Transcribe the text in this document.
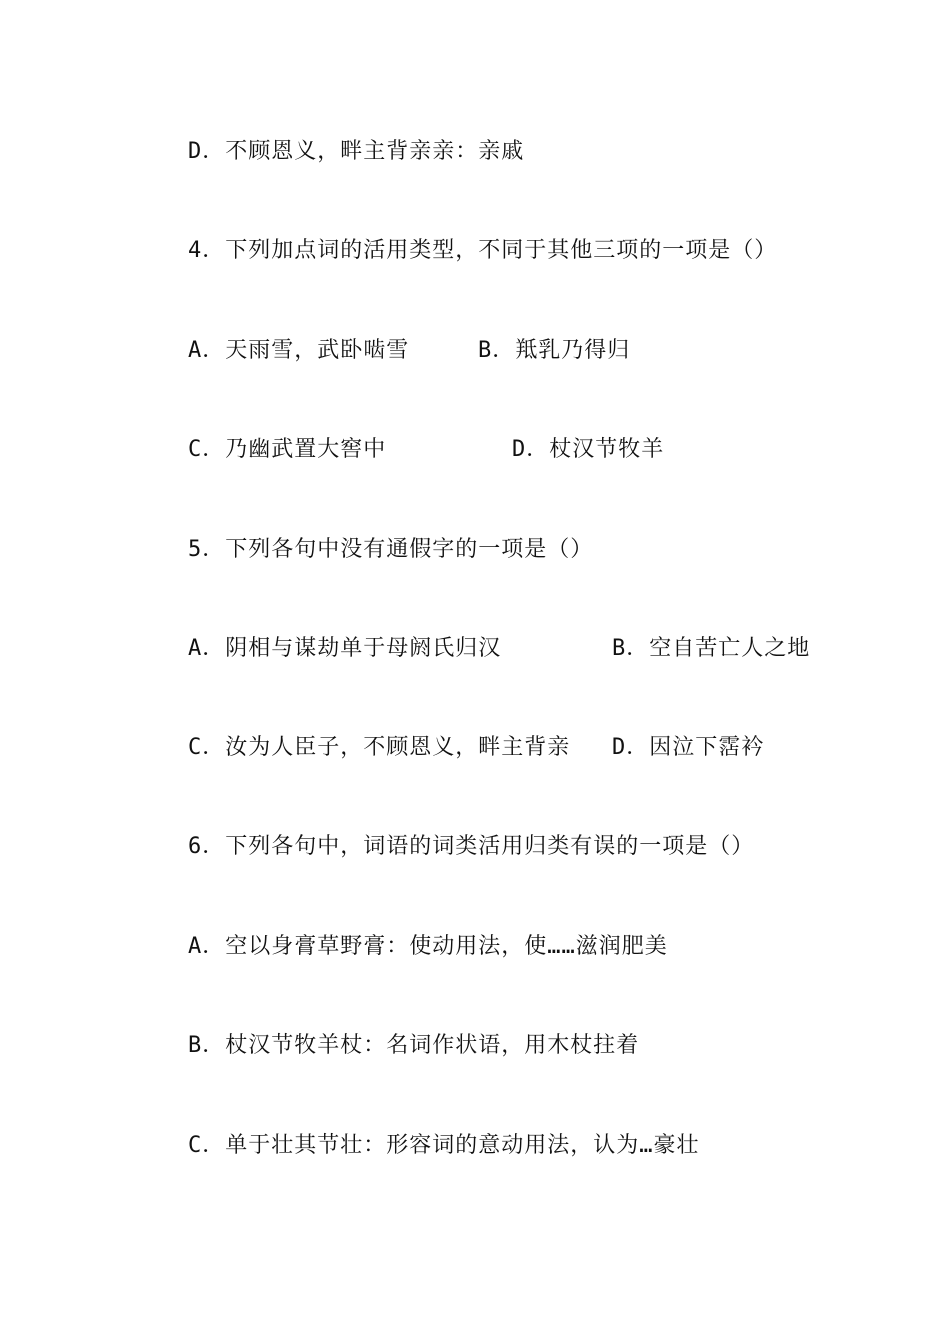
D．不顾恩义，畔主背亲亲：亲戚
4．下列加点词的活用类型，不同于其他三项的一项是（）
A．天雨雪，武卧啮雪	B．羝乳乃得归
C．乃幽武置大窖中	D．杖汉节牧羊
5．下列各句中没有通假字的一项是（）
A．阴相与谋劫单于母阏氏归汉	B．空自苦亡人之地
C．汝为人臣子，不顾恩义，畔主背亲 D．因泣下霑衿
6．下列各句中，词语的词类活用归类有误的一项是（）
A．空以身膏草野膏：使动用法，使……滋润肥美
B．杖汉节牧羊杖：名词作状语，用木杖拄着
C．单于壮其节壮：形容词的意动用法，认为…豪壮
